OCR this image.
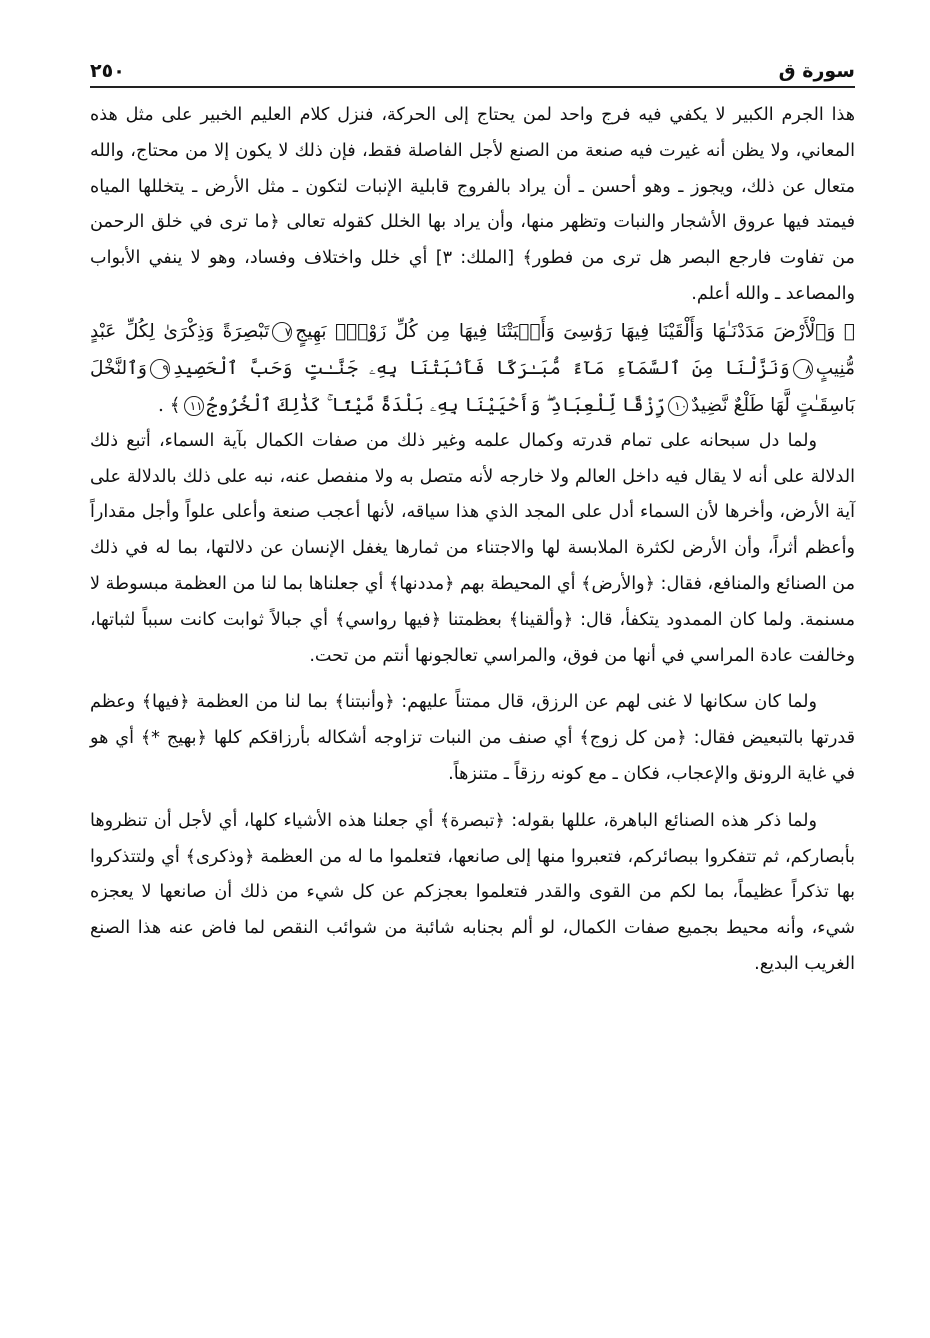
سورة ق
٢٥٠

هذا الجرم الكبير لا يكفي فيه فرج واحد لمن يحتاج إلى الحركة، فنزل كلام العليم الخبير على مثل هذه المعاني، ولا يظن أنه غيرت فيه صنعة من الصنع لأجل الفاصلة فقط، فإن ذلك لا يكون إلا من محتاج، والله متعال عن ذلك، ويجوز ـ وهو أحسن ـ أن يراد بالفروج قابلية الإنبات لتكون ـ مثل الأرض ـ يتخللها المياه فيمتد فيها عروق الأشجار والنبات وتظهر منها، وأن يراد بها الخلل كقوله تعالى ﴿ما ترى في خلق الرحمن من تفاوت فارجع البصر هل ترى من فطور﴾ [الملك: ٣] أي خلل واختلاف وفساد، وهو لا ينفي الأبواب والمصاعد ـ والله أعلم.

﴿ وَٱلْأَرْضَ مَدَدْنَـٰهَا وَأَلْقَيْنَا فِيهَا رَوَٰسِىَ وَأَنۢبَتْنَا فِيهَا مِن كُلِّ زَوْجٍۭ بَهِيجٍ٧تَبْصِرَةً وَذِكْرَىٰ لِكُلِّ عَبْدٍ مُّنِيبٍ٨وَنَزَّلْنَا مِنَ ٱلسَّمَآءِ مَآءً مُّبَـٰرَكًا فَأَنۢبَتْنَا بِهِۦ جَنَّـٰتٍ وَحَبَّ ٱلْحَصِيدِ٩وَٱلنَّخْلَ بَاسِقَـٰتٍ لَّهَا طَلْعٌ نَّضِيدٌ١٠رِّزْقًا لِّلْعِبَادِ ۖ وَأَحْيَيْنَا بِهِۦ بَلْدَةً مَّيْتًا ۚ كَذَٰلِكَ ٱلْخُرُوجُ١١﴾ .

ولما دل سبحانه على تمام قدرته وكمال علمه وغير ذلك من صفات الكمال بآية السماء، أتبع ذلك الدلالة على أنه لا يقال فيه داخل العالم ولا خارجه لأنه متصل به ولا منفصل عنه، نبه على ذلك بالدلالة على آية الأرض، وأخرها لأن السماء أدل على المجد الذي هذا سياقه، لأنها أعجب صنعة وأعلى علواً وأجل مقداراً وأعظم أثراً، وأن الأرض لكثرة الملابسة لها والاجتناء من ثمارها يغفل الإنسان عن دلالتها، بما له في ذلك من الصنائع والمنافع، فقال: ﴿والأرض﴾ أي المحيطة بهم ﴿مددنها﴾ أي جعلناها بما لنا من العظمة مبسوطة لا مسنمة. ولما كان الممدود يتكفأ، قال: ﴿وألقينا﴾ بعظمتنا ﴿فيها رواسي﴾ أي جبالاً ثوابت كانت سبباً لثباتها، وخالفت عادة المراسي في أنها من فوق، والمراسي تعالجونها أنتم من تحت.

ولما كان سكانها لا غنى لهم عن الرزق، قال ممتناً عليهم: ﴿وأنبتنا﴾ بما لنا من العظمة ﴿فيها﴾ وعظم قدرتها بالتبعيض فقال: ﴿من كل زوج﴾ أي صنف من النبات تزاوجه أشكاله بأرزاقكم كلها ﴿بهيج *﴾ أي هو في غاية الرونق والإعجاب، فكان ـ مع كونه رزقاً ـ متنزهاً.

ولما ذكر هذه الصنائع الباهرة، عللها بقوله: ﴿تبصرة﴾ أي جعلنا هذه الأشياء كلها، أي لأجل أن تنظروها بأبصاركم، ثم تتفكروا ببصائركم، فتعبروا منها إلى صانعها، فتعلموا ما له من العظمة ﴿وذكرى﴾ أي ولتتذكروا بها تذكراً عظيماً، بما لكم من القوى والقدر فتعلموا بعجزكم عن كل شيء من ذلك أن صانعها لا يعجزه شيء، وأنه محيط بجميع صفات الكمال، لو ألم بجنابه شائبة من شوائب النقص لما فاض عنه هذا الصنع الغريب البديع.
